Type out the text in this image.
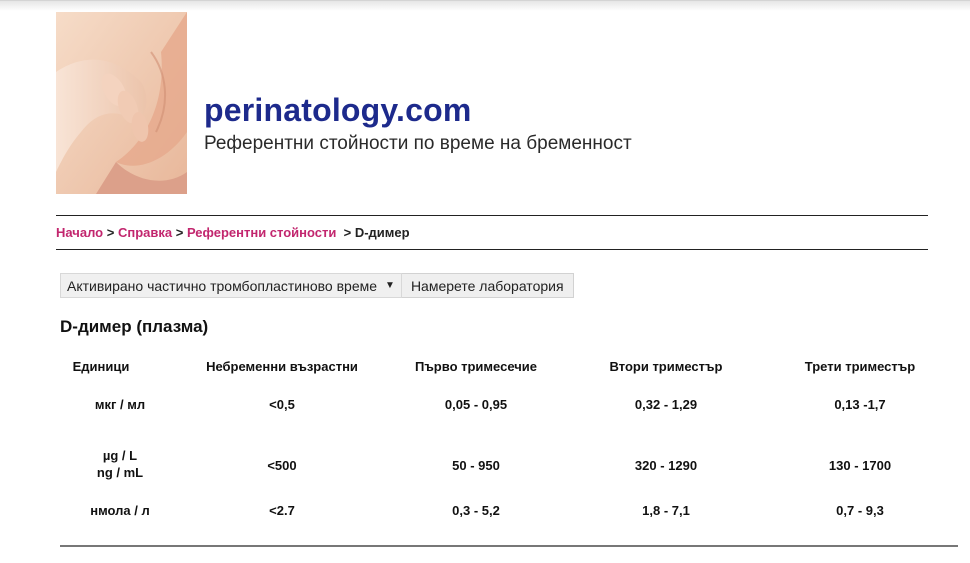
perinatology.com

Референтни стойности по време на бременност

Начало > Справка > Референтни стойности > D-димер
Активирано частично тромбопластиново време ▼	Намерете лаборатория
D-димер (плазма)
Единици	Небременни възрастни	Първо тримесечие	Втори триместър	Трети триместър
мкг / мл	<0,5	0,05 - 0,95	0,32 - 1,29	0,13 -1,7
µg / L
ng / mL	<500	50 - 950	320 - 1290	130 - 1700
нмола / л	<2.7	0,3 - 5,2	1,8 - 7,1	0,7 - 9,3
